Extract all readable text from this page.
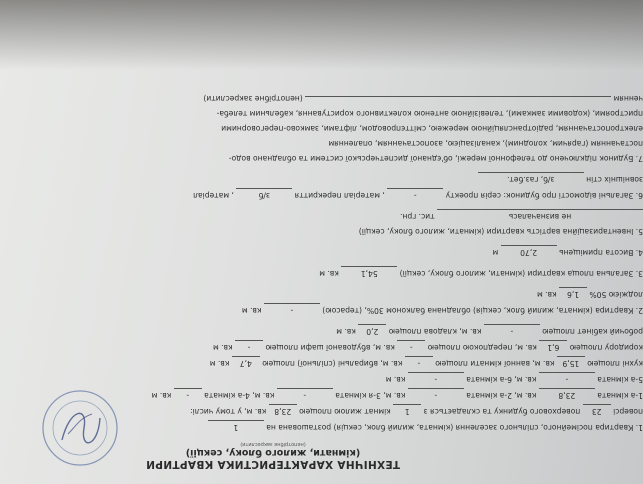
ТЕХНІЧНА ХАРАКТЕРИСТИКА КВАРТИРИ
(кімнати, жилого блоку, секції)
(непотрібне закреслити)
1. Квартира посімейного, спільного заселення (кімната, жилий блок, секція) розташована на 1
поверсі 23 поверхового будинку та складається з 1 кімнат жилою площею 23,8 кв. м, у тому числі:
1-а кімната 23,8 кв. м, 2-а кімната - кв. м, 3-я кімната - кв. м, 4-а кімната - кв. м
5-а кімната - кв. м, 6-а кімната - кв. м
кухні площею 15,9 кв. м, ванної кімнати площею - кв. м, вбиральні (спільної) площею 4,7 кв. м
коридору площею 6,1 кв. м, передпокою площею - кв. м, вбудованої шафи площею - кв. м
робочий кабінет площею - кв. м, кладова площею 2,0 кв. м
2. Квартира (кімната, жилий блок, секція) обладнана балконом 30%, (терасою) - кв. м
лоджією 50% 1,6 кв. м
3. Загальна площа квартири (кімнати, жилого блоку, секції) 54,1 кв. м
4. Висота приміщень 2,70 м
5. Інвентаризаційна вартість квартири (кімнати, жилого блоку, секції)
не визначалась тис. грн.
6. Загальні відомості про будинок: серія проекту - , матеріал перекриття з/б , матеріал
зовнішніх стін з/б, газ.бет.
7. Будинок підключено до телефонної мережі, об'єднаної диспетчерської системи та обладнано водо-
постачанням (гарячим, холодним), каналізацією, азопостачанням, опаленням
електропостачанням, радіотрансляційною мережею, сміттєпроводом, ліфтами, замково-переговорними
пристроями, (кодовими замками), телевізійною антеною колективного користування, кабельним телеба-
ченням  (непотрібне закреслити)
